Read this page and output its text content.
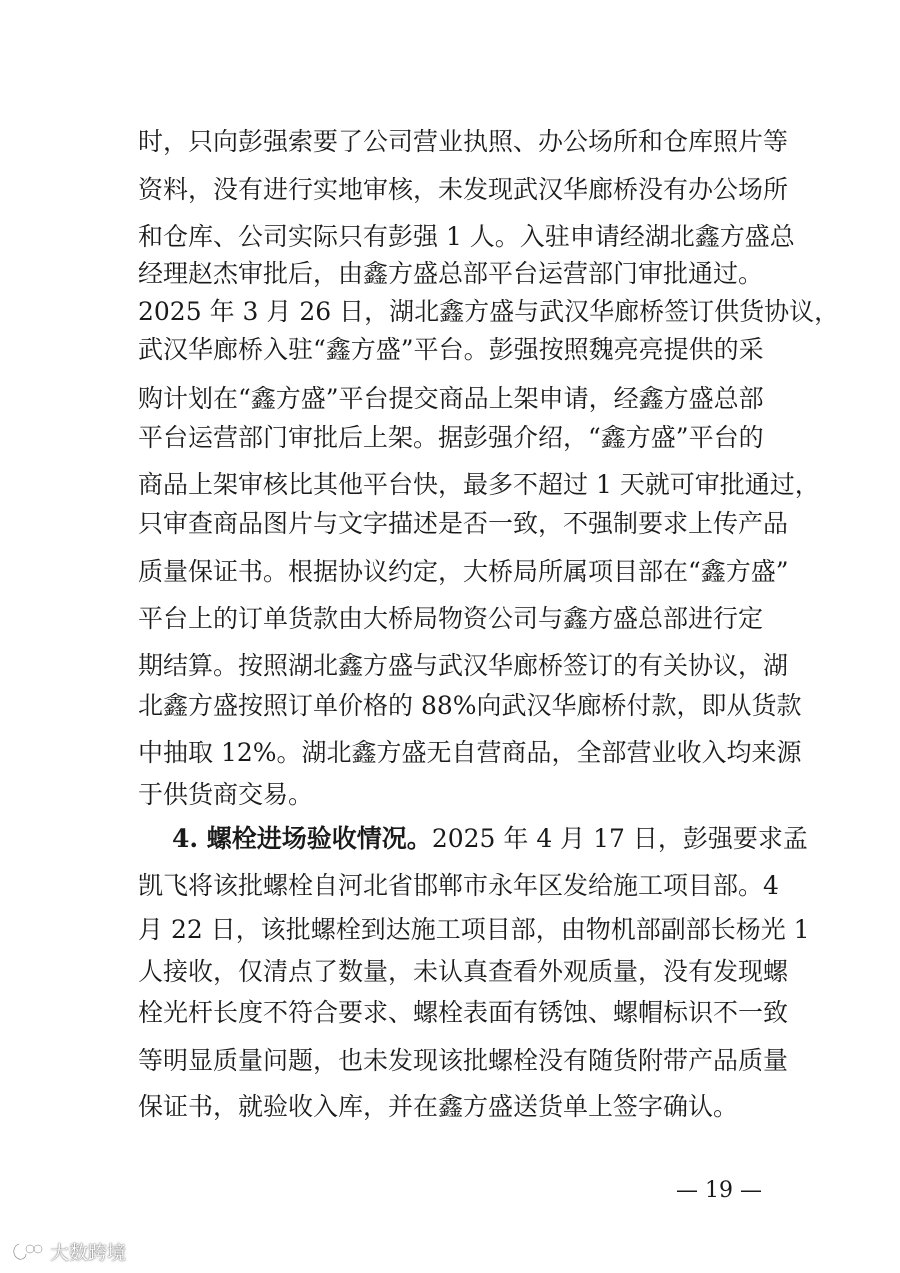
时，只向彭强索要了公司营业执照、办公场所和仓库照片等
资料，没有进行实地审核，未发现武汉华廊桥没有办公场所
和仓库、公司实际只有彭强 1 人。入驻申请经湖北鑫方盛总
经理赵杰审批后，由鑫方盛总部平台运营部门审批通过。
2025 年 3 月 26 日，湖北鑫方盛与武汉华廊桥签订供货协议，
武汉华廊桥入驻“鑫方盛”平台。彭强按照魏亮亮提供的采
购计划在“鑫方盛”平台提交商品上架申请，经鑫方盛总部
平台运营部门审批后上架。据彭强介绍，“鑫方盛”平台的
商品上架审核比其他平台快，最多不超过 1 天就可审批通过，
只审查商品图片与文字描述是否一致，不强制要求上传产品
质量保证书。根据协议约定，大桥局所属项目部在“鑫方盛”
平台上的订单货款由大桥局物资公司与鑫方盛总部进行定
期结算。按照湖北鑫方盛与武汉华廊桥签订的有关协议，湖
北鑫方盛按照订单价格的 88%向武汉华廊桥付款，即从货款
中抽取 12%。湖北鑫方盛无自营商品，全部营业收入均来源
于供货商交易。
4. 螺栓进场验收情况。2025 年 4 月 17 日，彭强要求孟
凯飞将该批螺栓自河北省邯郸市永年区发给施工项目部。4
月 22 日，该批螺栓到达施工项目部，由物机部副部长杨光 1
人接收，仅清点了数量，未认真查看外观质量，没有发现螺
栓光杆长度不符合要求、螺栓表面有锈蚀、螺帽标识不一致
等明显质量问题，也未发现该批螺栓没有随货附带产品质量
保证书，就验收入库，并在鑫方盛送货单上签字确认。
— 19 —
大数跨境
